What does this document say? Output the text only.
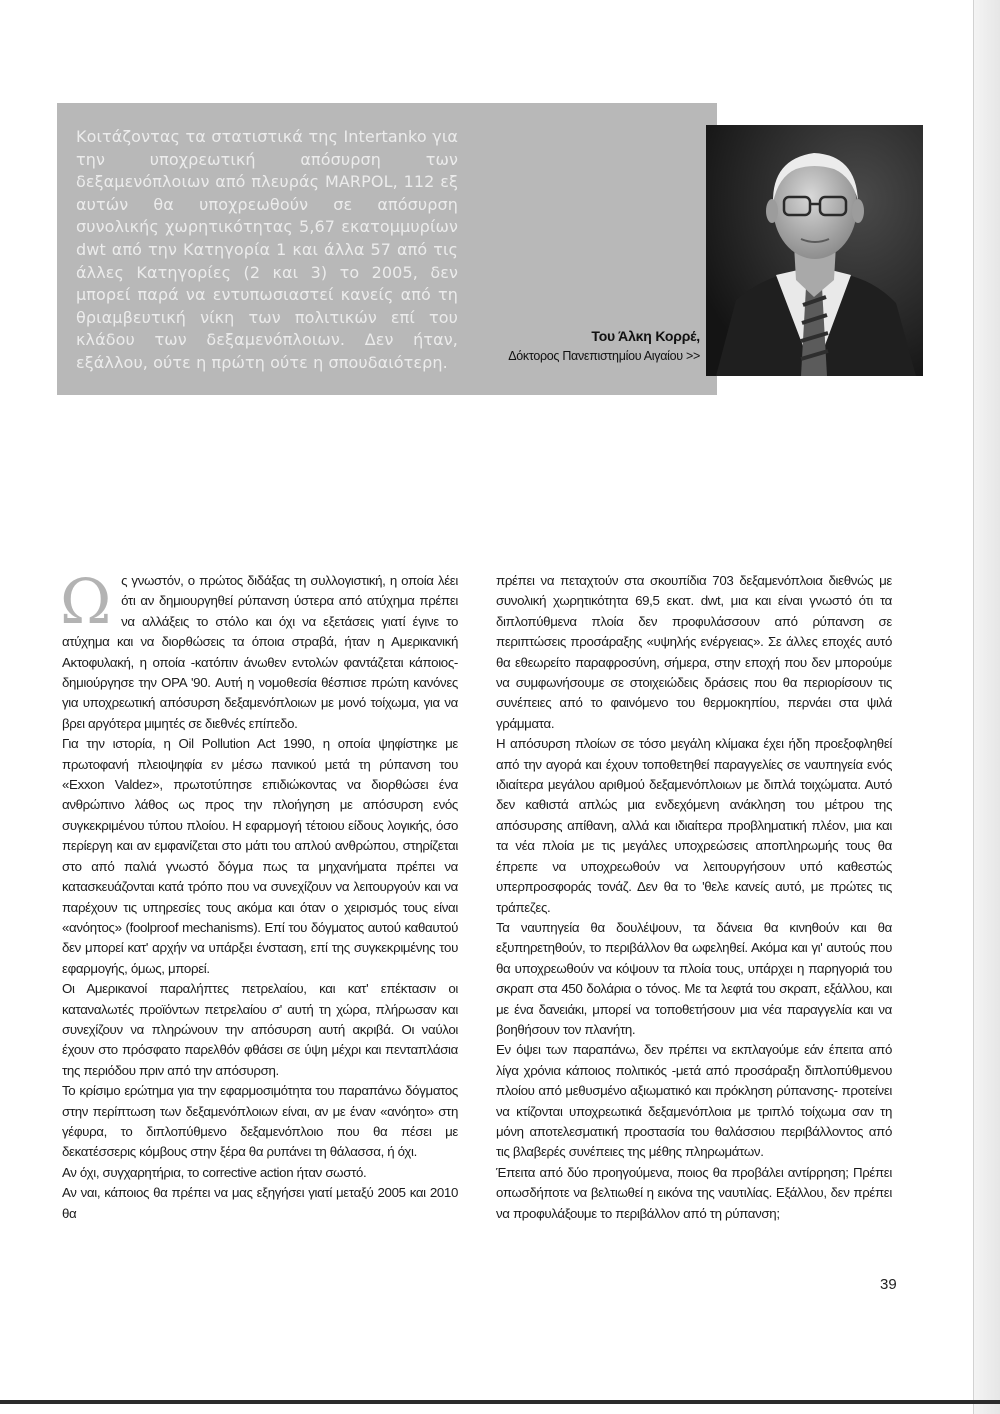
Κοιτάζοντας τα στατιστικά της Intertanko για την υποχρεωτική απόσυρση των δεξαμενόπλοιων από πλευράς MARPOL, 112 εξ αυτών θα υποχρεωθούν σε απόσυρση συνολικής χωρητικότητας 5,67 εκατομμυρίων dwt από την Κατηγορία 1 και άλλα 57 από τις άλλες Κατηγορίες (2 και 3) το 2005, δεν μπορεί παρά να εντυπωσιαστεί κανείς από τη θριαμβευτική νίκη των πολιτικών επί του κλάδου των δεξαμενόπλοιων. Δεν ήταν, εξάλλου, ούτε η πρώτη ούτε η σπουδαιότερη.

Του Άλκη Κορρέ,
Δόκτορος Πανεπιστημίου Αιγαίου >>

Ως γνωστόν, ο πρώτος διδάξας τη συλλογιστική, η οποία λέει ότι αν δημιουργηθεί ρύπανση ύστερα από ατύχημα πρέπει να αλλάξεις το στόλο και όχι να εξετάσεις γιατί έγινε το ατύχημα και να διορθώσεις τα όποια στραβά, ήταν η Αμερικανική Ακτοφυλακή, η οποία -κατόπιν άνωθεν εντολών φαντάζεται κάποιος- δημιούργησε την OPA '90. Αυτή η νομοθεσία θέσπισε πρώτη κανόνες για υποχρεωτική απόσυρση δεξαμενόπλοιων με μονό τοίχωμα, για να βρει αργότερα μιμητές σε διεθνές επίπεδο.

Για την ιστορία, η Oil Pollution Act 1990, η οποία ψηφίστηκε με πρωτοφανή πλειοψηφία εν μέσω πανικού μετά τη ρύπανση του «Exxon Valdez», πρωτοτύπησε επιδιώκοντας να διορθώσει ένα ανθρώπινο λάθος ως προς την πλοήγηση με απόσυρση ενός συγκεκριμένου τύπου πλοίου. Η εφαρμογή τέτοιου είδους λογικής, όσο περίεργη και αν εμφανίζεται στο μάτι του απλού ανθρώπου, στηρίζεται στο από παλιά γνωστό δόγμα πως τα μηχανήματα πρέπει να κατασκευάζονται κατά τρόπο που να συνεχίζουν να λειτουργούν και να παρέχουν τις υπηρεσίες τους ακόμα και όταν ο χειρισμός τους είναι «ανόητος» (foolproof mechanisms). Επί του δόγματος αυτού καθαυτού δεν μπορεί κατ' αρχήν να υπάρξει ένσταση, επί της συγκεκριμένης του εφαρμογής, όμως, μπορεί.

Οι Αμερικανοί παραλήπτες πετρελαίου, και κατ' επέκτασιν οι καταναλωτές προϊόντων πετρελαίου σ' αυτή τη χώρα, πλήρωσαν και συνεχίζουν να πληρώνουν την απόσυρση αυτή ακριβά. Οι ναύλοι έχουν στο πρόσφατο παρελθόν φθάσει σε ύψη μέχρι και πενταπλάσια της περιόδου πριν από την απόσυρση.

Το κρίσιμο ερώτημα για την εφαρμοσιμότητα του παραπάνω δόγματος στην περίπτωση των δεξαμενόπλοιων είναι, αν με έναν «ανόητο» στη γέφυρα, το διπλοπύθμενο δεξαμενόπλοιο που θα πέσει με δεκατέσσερις κόμβους στην ξέρα θα ρυπάνει τη θάλασσα, ή όχι.

Αν όχι, συγχαρητήρια, το corrective action ήταν σωστό.

Αν ναι, κάποιος θα πρέπει να μας εξηγήσει γιατί μεταξύ 2005 και 2010 θα

πρέπει να πεταχτούν στα σκουπίδια 703 δεξαμενόπλοια διεθνώς με συνολική χωρητικότητα 69,5 εκατ. dwt, μια και είναι γνωστό ότι τα διπλοπύθμενα πλοία δεν προφυλάσσουν από ρύπανση σε περιπτώσεις προσάραξης «υψηλής ενέργειας». Σε άλλες εποχές αυτό θα εθεωρείτο παραφροσύνη, σήμερα, στην εποχή που δεν μπορούμε να συμφωνήσουμε σε στοιχειώδεις δράσεις που θα περιορίσουν τις συνέπειες από το φαινόμενο του θερμοκηπίου, περνάει στα ψιλά γράμματα.

Η απόσυρση πλοίων σε τόσο μεγάλη κλίμακα έχει ήδη προεξοφληθεί από την αγορά και έχουν τοποθετηθεί παραγγελίες σε ναυπηγεία ενός ιδιαίτερα μεγάλου αριθμού δεξαμενόπλοιων με διπλά τοιχώματα. Αυτό δεν καθιστά απλώς μια ενδεχόμενη ανάκληση του μέτρου της απόσυρσης απίθανη, αλλά και ιδιαίτερα προβληματική πλέον, μια και τα νέα πλοία με τις μεγάλες υποχρεώσεις αποπληρωμής τους θα έπρεπε να υποχρεωθούν να λειτουργήσουν υπό καθεστώς υπερπροσφοράς τονάζ. Δεν θα το 'θελε κανείς αυτό, με πρώτες τις τράπεζες.

Τα ναυπηγεία θα δουλέψουν, τα δάνεια θα κινηθούν και θα εξυπηρετηθούν, το περιβάλλον θα ωφεληθεί. Ακόμα και γι' αυτούς που θα υποχρεωθούν να κόψουν τα πλοία τους, υπάρχει η παρηγοριά του σκραπ στα 450 δολάρια ο τόνος. Με τα λεφτά του σκραπ, εξάλλου, και με ένα δανειάκι, μπορεί να τοποθετήσουν μια νέα παραγγελία και να βοηθήσουν τον πλανήτη.

Εν όψει των παραπάνω, δεν πρέπει να εκπλαγούμε εάν έπειτα από λίγα χρόνια κάποιος πολιτικός -μετά από προσάραξη διπλοπύθμενου πλοίου από μεθυσμένο αξιωματικό και πρόκληση ρύπανσης- προτείνει να κτίζονται υποχρεωτικά δεξαμενόπλοια με τριπλό τοίχωμα σαν τη μόνη αποτελεσματική προστασία του θαλάσσιου περιβάλλοντος από τις βλαβερές συνέπειες της μέθης πληρωμάτων.

Έπειτα από δύο προηγούμενα, ποιος θα προβάλει αντίρρηση; Πρέπει οπωσδήποτε να βελτιωθεί η εικόνα της ναυτιλίας. Εξάλλου, δεν πρέπει να προφυλάξουμε το περιβάλλον από τη ρύπανση;

39
